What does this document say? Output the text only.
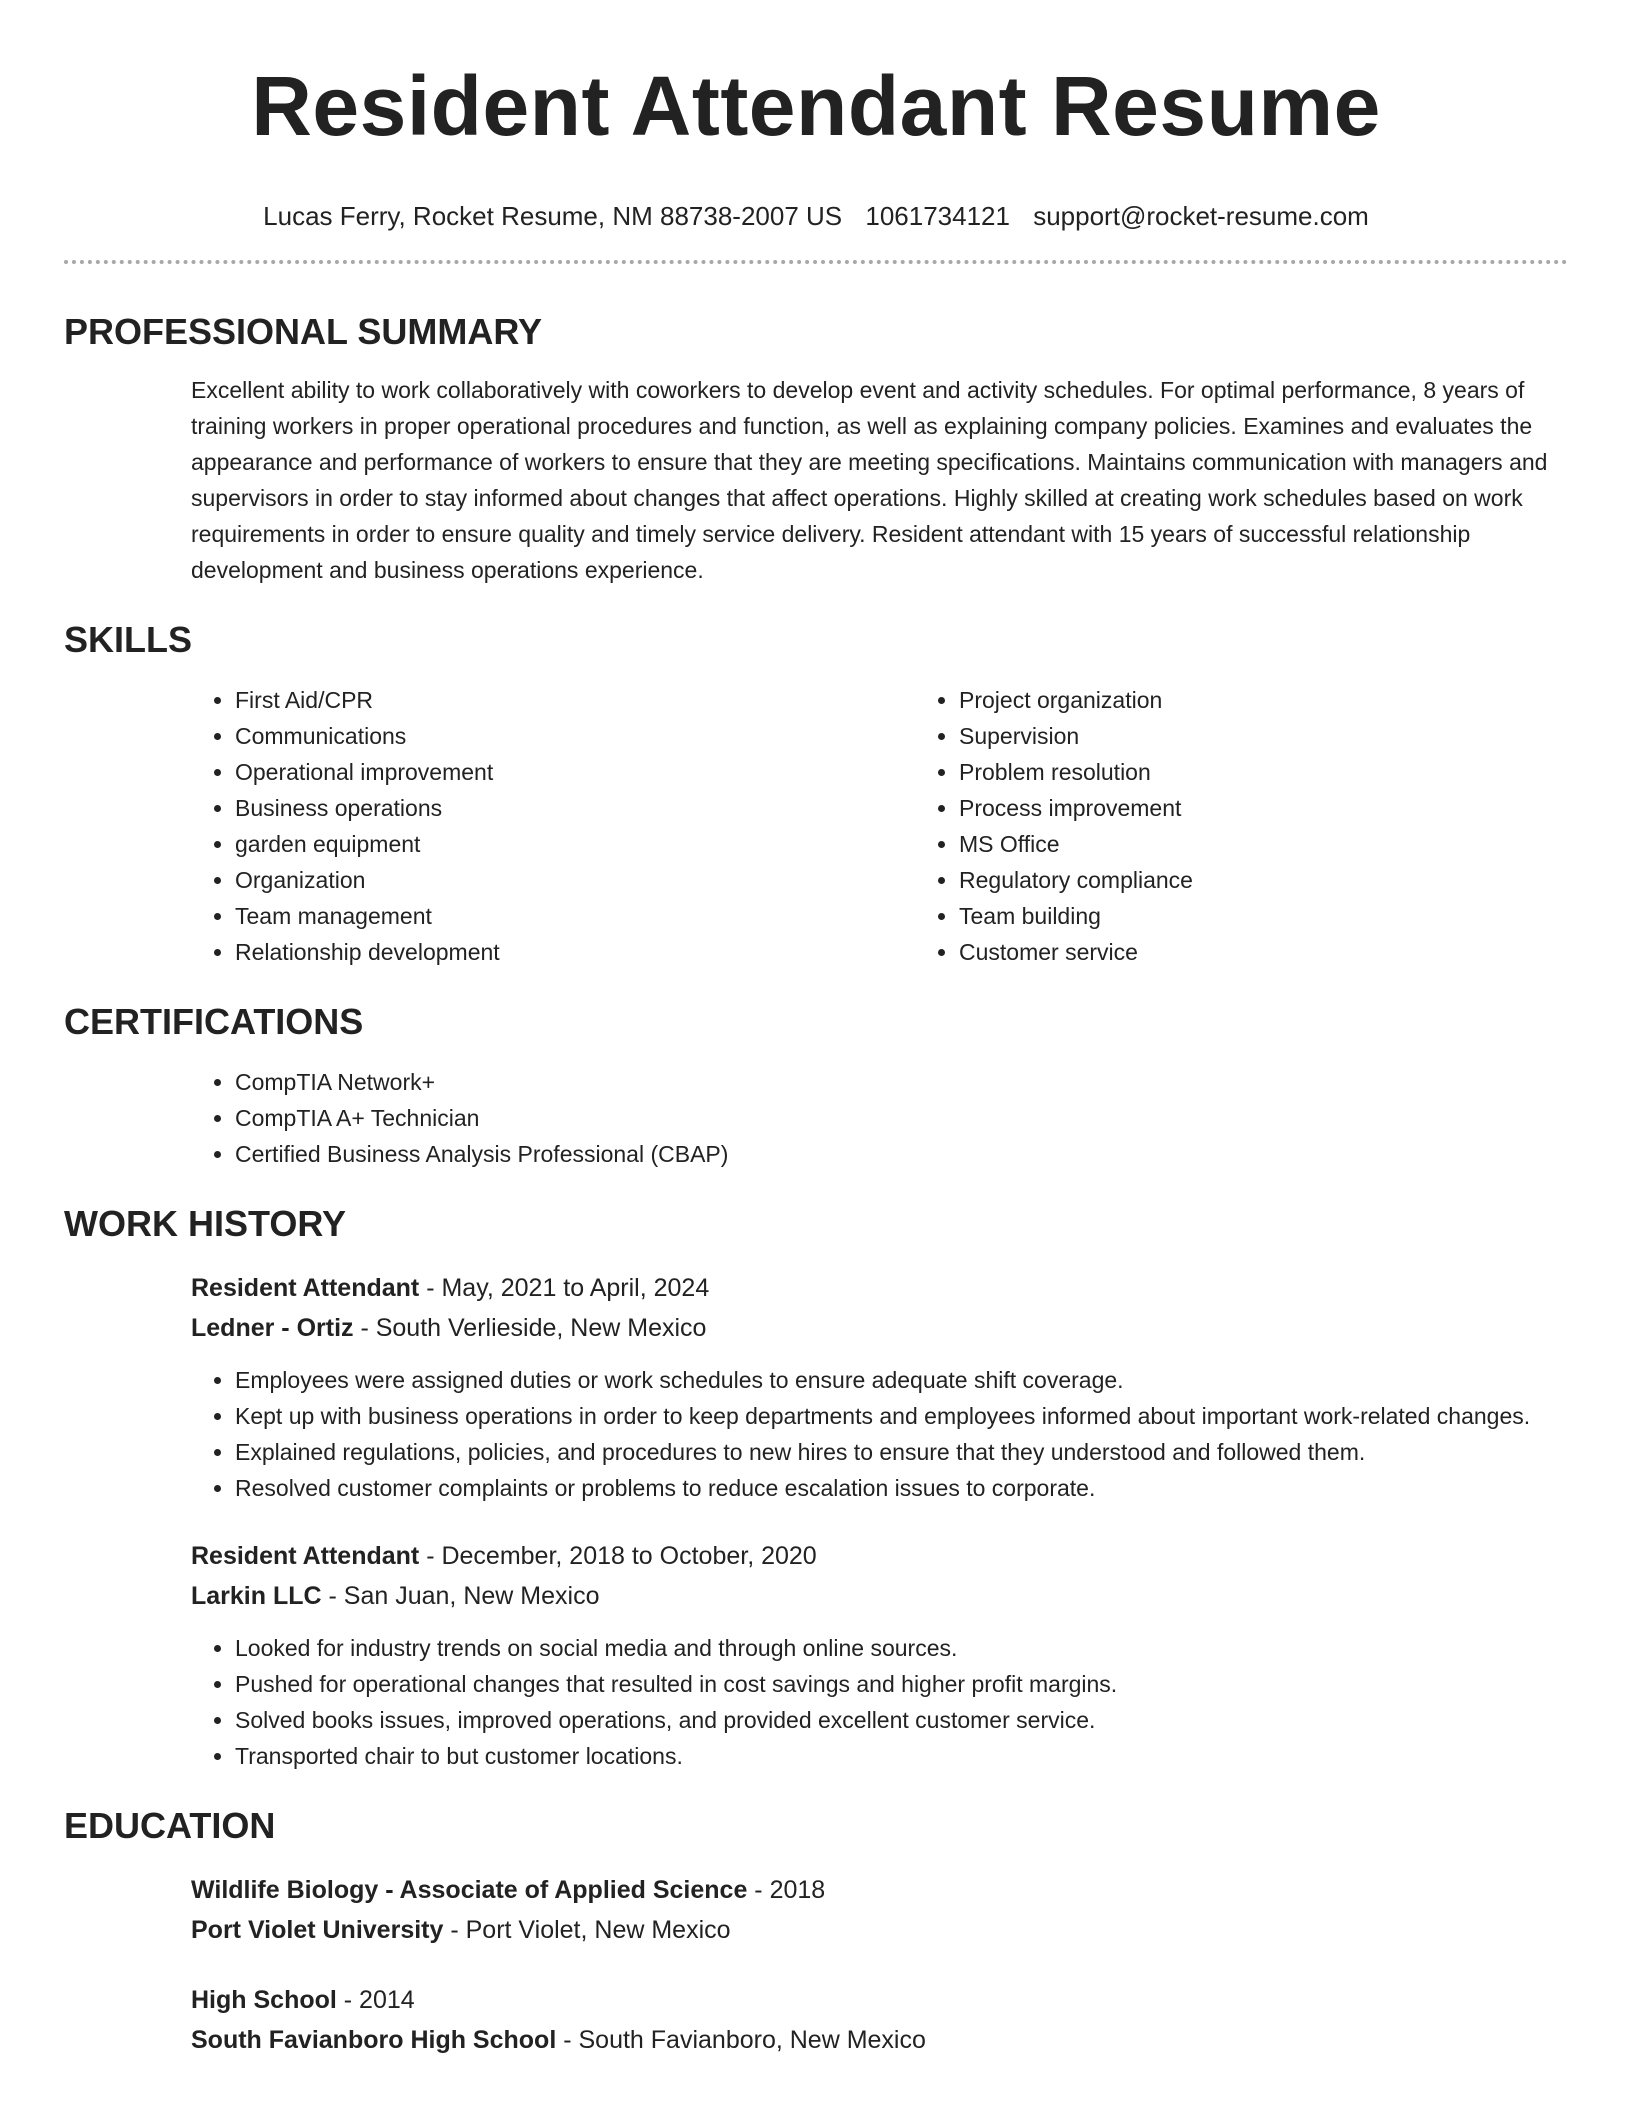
Resident Attendant Resume
Lucas Ferry, Rocket Resume, NM 88738-2007 US 1061734121 support@rocket-resume.com
PROFESSIONAL SUMMARY
Excellent ability to work collaboratively with coworkers to develop event and activity schedules. For optimal performance, 8 years of training workers in proper operational procedures and function, as well as explaining company policies. Examines and evaluates the appearance and performance of workers to ensure that they are meeting specifications. Maintains communication with managers and supervisors in order to stay informed about changes that affect operations. Highly skilled at creating work schedules based on work requirements in order to ensure quality and timely service delivery. Resident attendant with 15 years of successful relationship development and business operations experience.
SKILLS
• First Aid/CPR
• Communications
• Operational improvement
• Business operations
• garden equipment
• Organization
• Team management
• Relationship development
• Project organization
• Supervision
• Problem resolution
• Process improvement
• MS Office
• Regulatory compliance
• Team building
• Customer service
CERTIFICATIONS
• CompTIA Network+
• CompTIA A+ Technician
• Certified Business Analysis Professional (CBAP)
WORK HISTORY
Resident Attendant - May, 2021 to April, 2024
Ledner - Ortiz - South Verlieside, New Mexico
• Employees were assigned duties or work schedules to ensure adequate shift coverage.
• Kept up with business operations in order to keep departments and employees informed about important work-related changes.
• Explained regulations, policies, and procedures to new hires to ensure that they understood and followed them.
• Resolved customer complaints or problems to reduce escalation issues to corporate.
Resident Attendant - December, 2018 to October, 2020
Larkin LLC - San Juan, New Mexico
• Looked for industry trends on social media and through online sources.
• Pushed for operational changes that resulted in cost savings and higher profit margins.
• Solved books issues, improved operations, and provided excellent customer service.
• Transported chair to but customer locations.
EDUCATION
Wildlife Biology - Associate of Applied Science - 2018
Port Violet University - Port Violet, New Mexico
High School - 2014
South Favianboro High School - South Favianboro, New Mexico
